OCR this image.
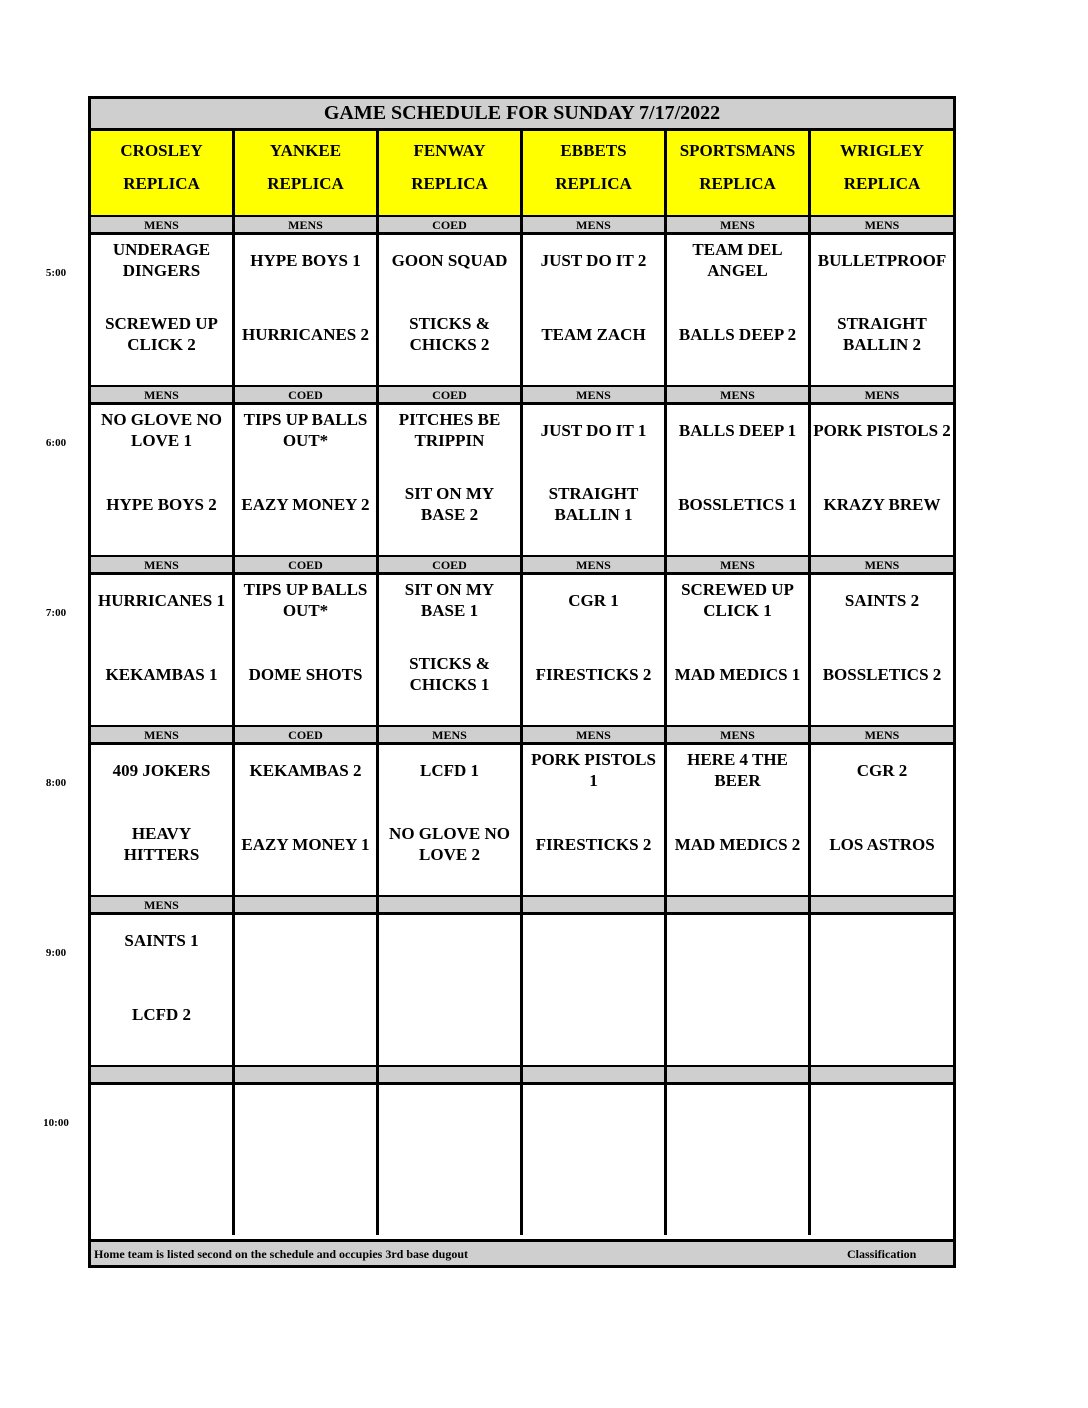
GAME SCHEDULE FOR SUNDAY 7/17/2022
CROSLEY
REPLICA
YANKEE
REPLICA
FENWAY
REPLICA
EBBETS
REPLICA
SPORTSMANS
REPLICA
WRIGLEY
REPLICA
MENS
UNDERAGE DINGERS
SCREWED UP CLICK 2
MENS
HYPE BOYS 1
HURRICANES 2
COED
GOON SQUAD
STICKS & CHICKS 2
MENS
JUST DO IT 2
TEAM ZACH
MENS
TEAM DEL ANGEL
BALLS DEEP 2
MENS
BULLETPROOF
STRAIGHT BALLIN 2
MENS
NO GLOVE NO LOVE 1
HYPE BOYS 2
COED
TIPS UP BALLS OUT*
EAZY MONEY 2
COED
PITCHES BE TRIPPIN
SIT ON MY BASE 2
MENS
JUST DO IT 1
STRAIGHT BALLIN 1
MENS
BALLS DEEP 1
BOSSLETICS 1
MENS
PORK PISTOLS 2
KRAZY BREW
MENS
HURRICANES 1
KEKAMBAS 1
COED
TIPS UP BALLS OUT*
DOME SHOTS
COED
SIT ON MY BASE 1
STICKS & CHICKS 1
MENS
CGR 1
FIRESTICKS 2
MENS
SCREWED UP CLICK 1
MAD MEDICS 1
MENS
SAINTS 2
BOSSLETICS 2
MENS
409 JOKERS
HEAVY HITTERS
COED
KEKAMBAS 2
EAZY MONEY 1
MENS
LCFD 1
NO GLOVE NO LOVE 2
MENS
PORK PISTOLS 1
FIRESTICKS 2
MENS
HERE 4 THE BEER
MAD MEDICS 2
MENS
CGR 2
LOS ASTROS
MENS
SAINTS 1
LCFD 2
Home team is listed second on the schedule and occupies 3rd base dugout	Classification
5:00
6:00
7:00
8:00
9:00
10:00
